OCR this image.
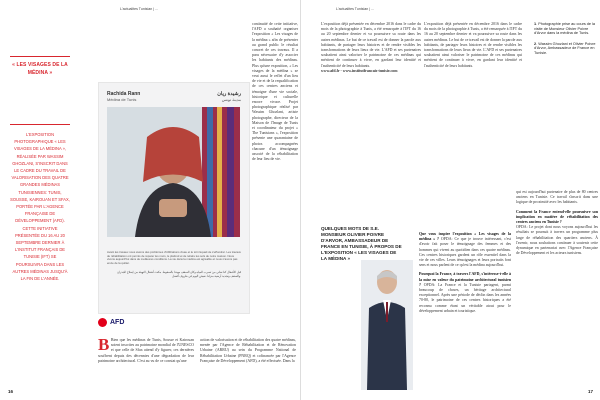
L'actualites Tunisian | ...
« LES VISAGES DE LA MÉDINA »
L'EXPOSITION PHOTOGRAPHIQUE « LES VISAGES DE LA MÉDINA », RÉALISÉE PAR WASSIM GHOZLANI, S'INSCRIT DANS LE CADRE DU TRAVAIL DE VALORISATION DES QUATRE GRANDES MÉDINAS TUNISIENNES: TUNIS, SOUSSE, KAIROUAN ET SFAX, PORTÉE PAR L'AGENCE FRANÇAISE DE DÉVELOPPEMENT (AFD). CETTE INITIATIVE PRÉSENTÉE DU 16 AU 20 SEPTEMBRE DERNIER À L'INSTITUT FRANÇAIS DE TUNISIE (IFT) SE POURSUIVRA DANS LES AUTRES MÉDINAS JUSQU'À LA FIN DE L'ANNÉE.
Rachida Rann
Médina de Tunis
رشيدة ريان
مدينة تونس
Avant les travaux nous avions des problèmes d'infiltrations d'eau et le toit risquait de s'effondrer. Les travaux de réhabilitation ont permis de réparer les murs, le plafond et de refaire les sols de notre maison. Nous vivons aujourd'hui dans de meilleures conditions. La vie dans la médina est agréable et nous n'avons pas envie de la quitter.
قبل الأشغال كنا نعاني من تسرب المياه وكان السقف مهددا بالسقوط. مكنت أشغال التهيئة من إصلاح الجدران والسقف وتجديد أرضية منزلنا. نعيش اليوم في ظروف أفضل.
AFD
B Bien que les médinas de Tunis, Sousse et Kairouan soient inscrites au patrimoine mondial de l'UNESCO et que celle de Sfax attend d'y figurer, ces dernières souffrent depuis des décennies d'une dégradation de leur patrimoine architectural. C'est au vu de ce constat qu'une
action de valorisation et de réhabilitation des quatre médinas, menée par l'Agence de Réhabilitation et de Rénovation Urbaine (ARRU) au sein du Programme National de Réhabilitation Urbaine (PNRQ) et cofinancée par l'Agence Française de Développement (AFD), a été effectuée. Dans la
continuité de cette initiative, l'AFD a souhaité organiser l'exposition « Les visages de la médina » afin de présenter au grand public le résultat concret de ces travaux. Il a paru nécessaire d'y associer les habitants des médinas. Plus qu'une exposition, « Les visages de la médina » se veut aussi le reflet d'un lieu de vie et de la requalification de ces centres anciens et témoigne d'une vie sociale, historique et culturelle encore vivace. Projet photographique réalisé par Wassim Ghozlani, artiste photographe, directeur de la Maison de l'Image de Tunis et coordinateur du projet « The Tunisians », l'exposition présente une quarantaine de photos accompagnées chacune d'un témoignage associé de la réhabilitation de leur lieu de vie.
16
L'actualites Tunisian | ...
L'exposition déjà présentée en décembre 2016 dans le cadre du mois de la photographie à Tunis, a été remarquée à l'IFT du 16 au 20 septembre dernier et va poursuivre sa route dans les autres médinas. Le but de ce travail est de donner la parole aux habitants, de partager leurs histoires et de rendre visibles les transformations de leurs lieux de vie. L'AFD et ses partenaires souhaitent ainsi valoriser le patrimoine de ces médinas qui méritent de continuer à vivre, en gardant leur identité et l'authenticité de leurs habitants.
www.afd.fr - www.institutfrancais-tunisie.com
QUELQUES MOTS DE S.E. MONSIEUR OLIVIER POIVRE D'ARVOR, AMBASSADEUR DE FRANCE EN TUNISIE, À PROPOS DE L'EXPOSITION « LES VISAGES DE LA MÉDINA »
Que vous inspire l'exposition « Les visages de la médina » ? OPDA: Ce que je trouve intéressant, c'est d'avoir fait poser le témoignage des femmes et des hommes qui vivent au quotidien dans ces quatre médinas. Ces centres historiques gardent un rôle essentiel dans la vie de ces villes. Leurs témoignages et leurs portraits font sens et nous parlent de ce qu'est la médina aujourd'hui.
Pourquoi la France, à travers l'AFD, s'intéresse-t-elle à la mise en valeur du patrimoine architectural tunisien ? OPDA: La France et la Tunisie partagent, parmi beaucoup de choses, un héritage architectural exceptionnel. Après une période de déclin dans les années 70-80, le patrimoine de ces centres historiques a été reconnu comme étant un véritable atout pour le développement urbain et touristique.
qui est aujourd'hui partenaire de plus de 80 centres anciens en Tunisie. Ce travail s'inscrit dans une logique de proximité avec les habitants.
Comment la France entend-elle poursuivre son implication en matière de réhabilitation des centres anciens en Tunisie ?
OPDA: Le projet dont nous voyons aujourd'hui les résultats se poursuit à travers un programme plus large de réhabilitation des quartiers anciens. À l'avenir, nous souhaitons continuer à soutenir cette dynamique en partenariat avec l'Agence Française de Développement et les acteurs tunisiens.
L'exposition déjà présentée en décembre 2016 dans le cadre du mois de la photographie à Tunis, a été remarquée à l'IFT du 16 au 20 septembre dernier et va poursuivre sa route dans les autres médinas. Le but de ce travail est de donner la parole aux habitants, de partager leurs histoires et de rendre visibles les transformations de leurs lieux de vie. L'AFD et ses partenaires souhaitent ainsi valoriser le patrimoine de ces médinas qui méritent de continuer à vivre, en gardant leur identité et l'authenticité de leurs habitants.
1. Photographie prise au cours de la visite de Monsieur Olivier Poivre d'Arvor dans la médina de Tunis.
2. Wassim Ghozlani et Olivier Poivre d'Arvor, Ambassadeur de France en Tunisie.
17
